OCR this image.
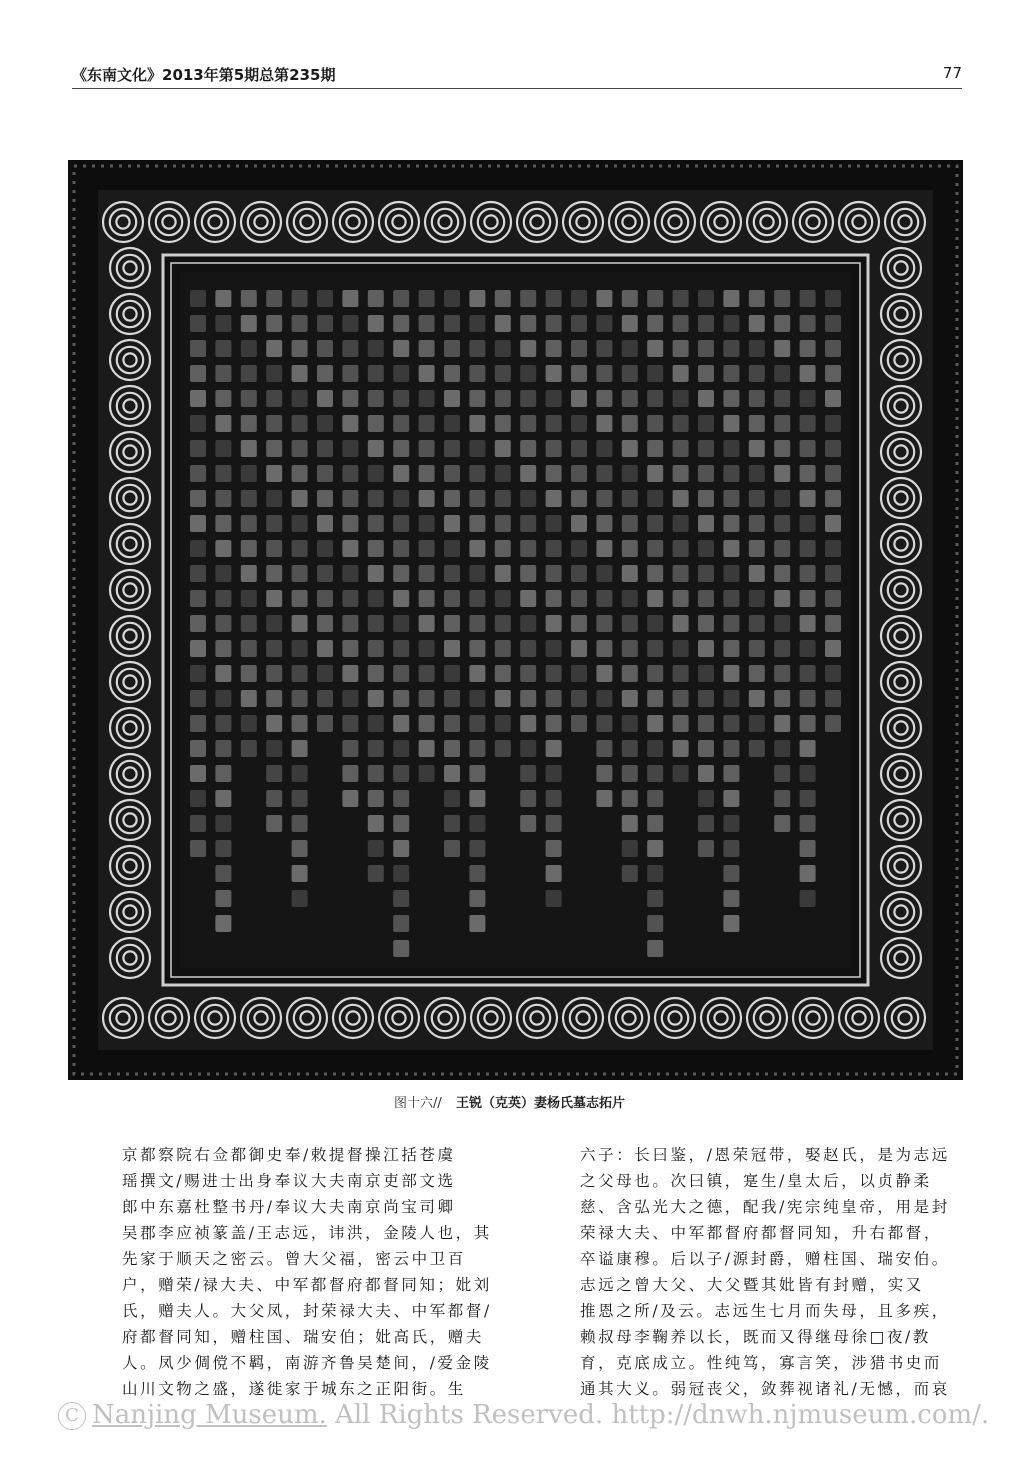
《东南文化》2013年第5期总第235期	77
图十六// 王锐（克英）妻杨氏墓志拓片

京都察院右佥都御史奉/敕提督操江括苍虞

瑶撰文/赐进士出身奉议大夫南京吏部文选

郎中东嘉杜整书丹/奉议大夫南京尚宝司卿

吴郡李应祯篆盖/王志远，讳洪，金陵人也，其

先家于顺天之密云。曾大父福，密云中卫百

户，赠荣/禄大夫、中军都督府都督同知；妣刘

氏，赠夫人。大父凤，封荣禄大夫、中军都督/

府都督同知，赠柱国、瑞安伯；妣高氏，赠夫

人。凤少倜傥不羁，南游齐鲁吴楚间，/爱金陵

山川文物之盛，遂徙家于城东之正阳街。生

六子：长曰鉴，/恩荣冠带，娶赵氏，是为志远

之父母也。次曰镇，寔生/皇太后，以贞静柔

慈、含弘光大之德，配我/宪宗纯皇帝，用是封

荣禄大夫、中军都督府都督同知，升右都督，

卒谥康穆。后以子/源封爵，赠柱国、瑞安伯。

志远之曾大父、大父暨其妣皆有封赠，实又

推恩之所/及云。志远生七月而失母，且多疾，

赖叔母李鞠养以长，既而又得继母徐□夜/教

育，克底成立。性纯笃，寡言笑，涉猎书史而

通其大义。弱冠丧父，敛葬视诸礼/无憾，而哀

C Nanjing Museum. All Rights Reserved. http://dnwh.njmuseum.com/.
